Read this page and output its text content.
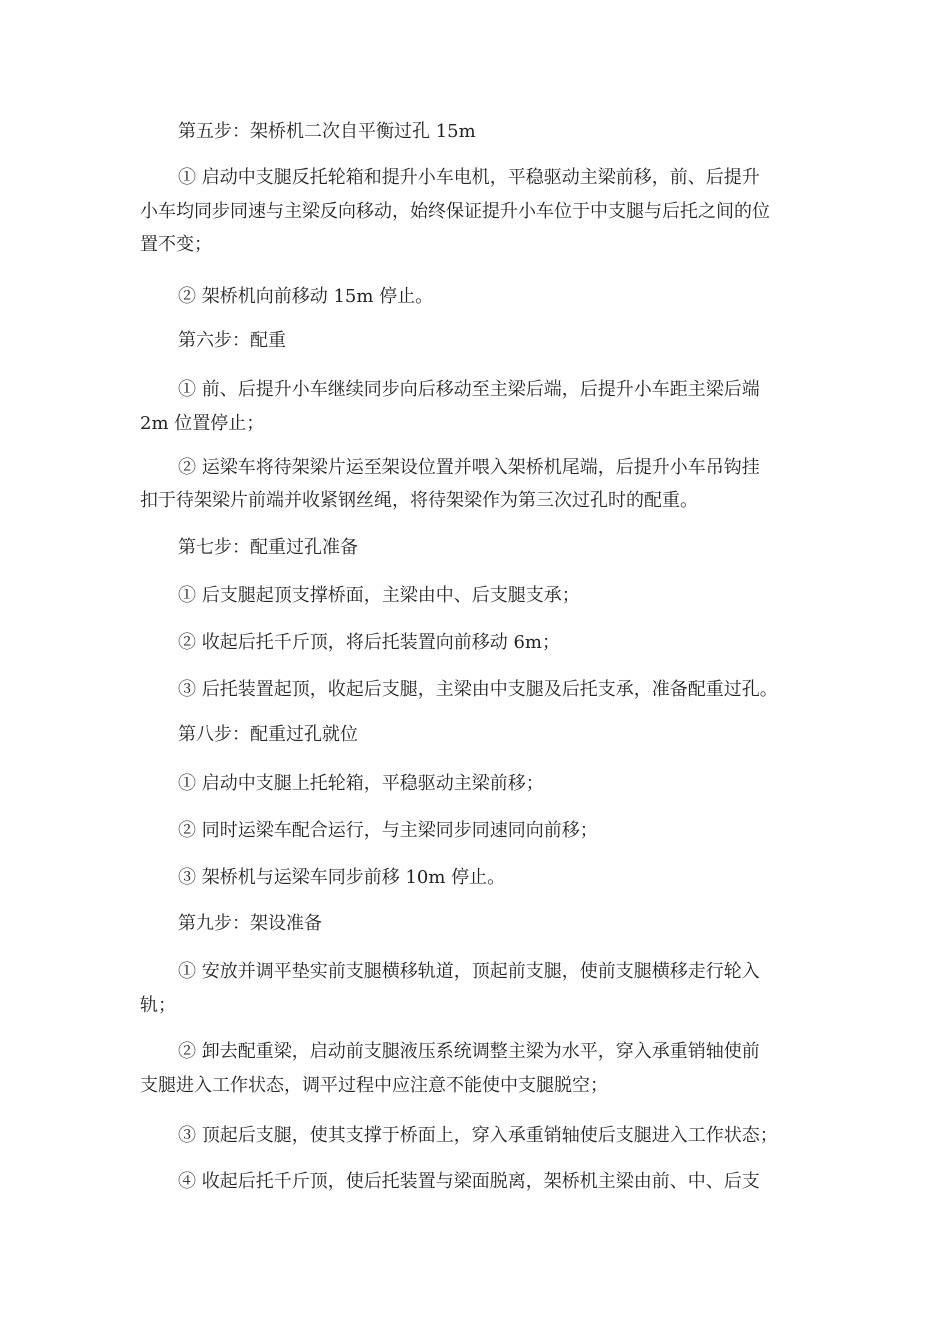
第五步：架桥机二次自平衡过孔 15m

① 启动中支腿反托轮箱和提升小车电机，平稳驱动主梁前移，前、后提升

小车均同步同速与主梁反向移动，始终保证提升小车位于中支腿与后托之间的位

置不变；

② 架桥机向前移动 15m 停止。

第六步：配重

① 前、后提升小车继续同步向后移动至主梁后端，后提升小车距主梁后端

2m 位置停止；

② 运梁车将待架梁片运至架设位置并喂入架桥机尾端，后提升小车吊钩挂

扣于待架梁片前端并收紧钢丝绳，将待架梁作为第三次过孔时的配重。

第七步：配重过孔准备

① 后支腿起顶支撑桥面，主梁由中、后支腿支承；

② 收起后托千斤顶，将后托装置向前移动 6m；

③ 后托装置起顶，收起后支腿，主梁由中支腿及后托支承，准备配重过孔。

第八步：配重过孔就位

① 启动中支腿上托轮箱，平稳驱动主梁前移；

② 同时运梁车配合运行，与主梁同步同速同向前移；

③ 架桥机与运梁车同步前移 10m 停止。

第九步：架设准备

① 安放并调平垫实前支腿横移轨道，顶起前支腿，使前支腿横移走行轮入

轨；

② 卸去配重梁，启动前支腿液压系统调整主梁为水平，穿入承重销轴使前

支腿进入工作状态，调平过程中应注意不能使中支腿脱空；

③ 顶起后支腿，使其支撑于桥面上，穿入承重销轴使后支腿进入工作状态；

④ 收起后托千斤顶，使后托装置与梁面脱离，架桥机主梁由前、中、后支
